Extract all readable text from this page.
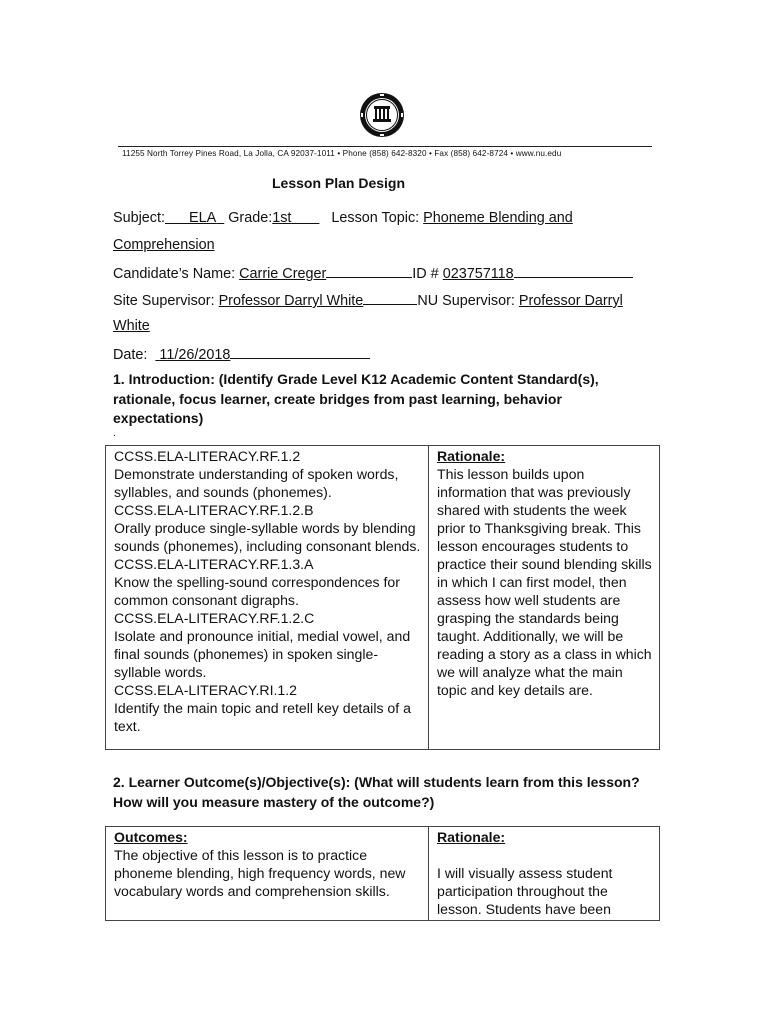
11255 North Torrey Pines Road, La Jolla, CA 92037-1011 • Phone (858) 642-8320 • Fax (858) 642-8724 • www.nu.edu
Lesson Plan Design
Subject: ELA Grade:1st	Lesson Topic: Phoneme Blending and
Comprehension
Candidate’s Name: Carrie Creger	ID # 023757118
Site Supervisor: Professor Darryl White	NU Supervisor: Professor Darryl
White
Date: 11/26/2018
1. Introduction: (Identify Grade Level K12 Academic Content Standard(s), rationale, focus learner, create bridges from past learning, behavior expectations)
.
CCSS.ELA-LITERACY.RF.1.2
Demonstrate understanding of spoken words, syllables, and sounds (phonemes).
CCSS.ELA-LITERACY.RF.1.2.B
Orally produce single-syllable words by blending sounds (phonemes), including consonant blends.
CCSS.ELA-LITERACY.RF.1.3.A
Know the spelling-sound correspondences for common consonant digraphs.
CCSS.ELA-LITERACY.RF.1.2.C
Isolate and pronounce initial, medial vowel, and final sounds (phonemes) in spoken single-syllable words.
CCSS.ELA-LITERACY.RI.1.2
Identify the main topic and retell key details of a text.

Rationale:
This lesson builds upon information that was previously shared with students the week prior to Thanksgiving break. This lesson encourages students to practice their sound blending skills in which I can first model, then assess how well students are grasping the standards being taught. Additionally, we will be reading a story as a class in which we will analyze what the main topic and key details are.
2. Learner Outcome(s)/Objective(s): (What will students learn from this lesson? How will you measure mastery of the outcome?)
Outcomes:
The objective of this lesson is to practice phoneme blending, high frequency words, new vocabulary words and comprehension skills.	
Rationale:
I will visually assess student participation throughout the lesson. Students have been
